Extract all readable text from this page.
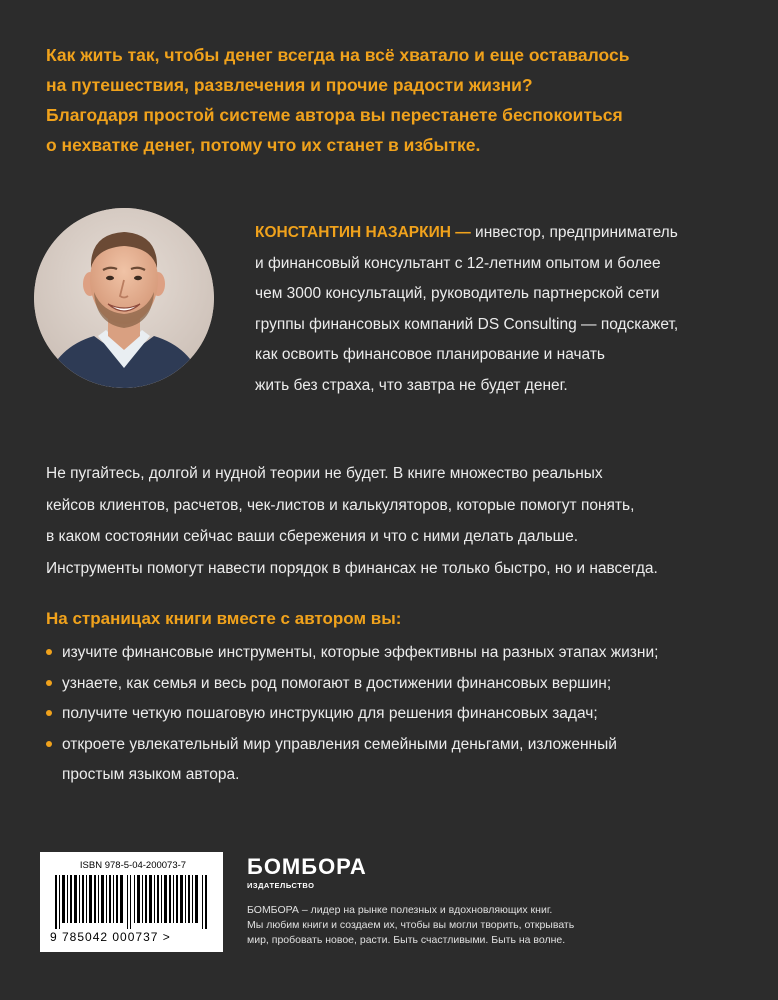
Как жить так, чтобы денег всегда на всё хватало и еще оставалось
на путешествия, развлечения и прочие радости жизни?
Благодаря простой системе автора вы перестанете беспокоиться
о нехватке денег, потому что их станет в избытке.

КОНСТАНТИН НАЗАРКИН — инвестор, предприниматель
и финансовый консультант с 12-летним опытом и более
чем 3000 консультаций, руководитель партнерской сети
группы финансовых компаний DS Consulting — подскажет,
как освоить финансовое планирование и начать
жить без страха, что завтра не будет денег.

Не пугайтесь, долгой и нудной теории не будет. В книге множество реальных
кейсов клиентов, расчетов, чек-листов и калькуляторов, которые помогут понять,
в каком состоянии сейчас ваши сбережения и что с ними делать дальше.
Инструменты помогут навести порядок в финансах не только быстро, но и навсегда.

На страницах книги вместе с автором вы:

изучите финансовые инструменты, которые эффективны на разных этапах жизни;
узнаете, как семья и весь род помогают в достижении финансовых вершин;
получите четкую пошаговую инструкцию для решения финансовых задач;
откроете увлекательный мир управления семейными деньгами, изложенный
простым языком автора.
ISBN 978-5-04-200073-7
9 785042 000737 >
БОМБОРА
ИЗДАТЕЛЬСТВО

БОМБОРА – лидер на рынке полезных и вдохновляющих книг.
Мы любим книги и создаем их, чтобы вы могли творить, открывать
мир, пробовать новое, расти. Быть счастливыми. Быть на волне.
